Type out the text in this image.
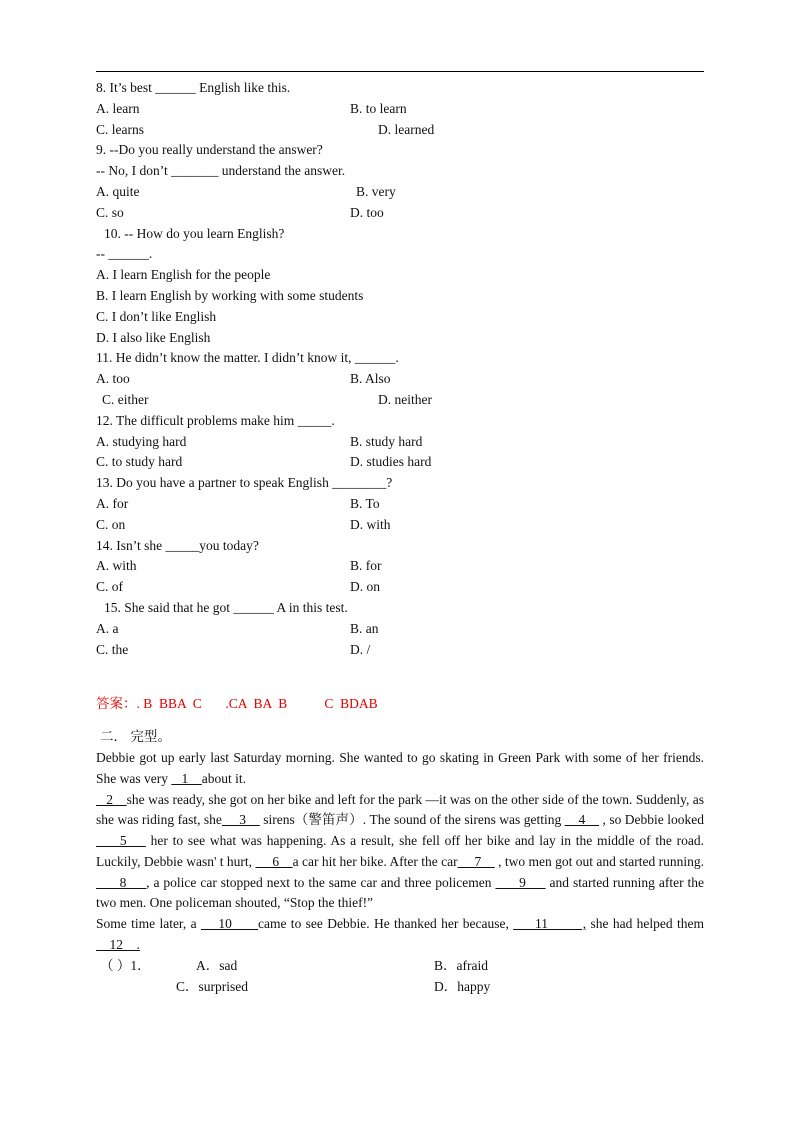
8. It’s best ______ English like this.
A. learn	B. to learn
C. learns	D. learned
9. --Do you really understand the answer?
-- No, I don’t _______ understand the answer.
A. quite	B. very
C. so	D. too
10. -- How do you learn English?
-- ______.
A. I learn English for the people
B. I learn English by working with some students
C. I don’t like English
D. I also like English
11. He didn’t know the matter. I didn’t know it, ______.
A. too	B. Also
C. either	D. neither
12. The difficult problems make him _____.
A. studying hard	B. study hard
C. to study hard	D. studies hard
13. Do you have a partner to speak English ________?
A. for	B. To
C. on	D. with
14. Isn’t she _____you today?
A. with	B. for
C. of	D. on
15. She said that he got ______ A in this test.
A. a	B. an
C. the	D. /
答案：. B  BBA  C       .CA  BA  B           C  BDAB
二． 完型。

Debbie got up early last Saturday morning. She wanted to go skating in Green Park with some of her friends. She was very    1    about it.

2    she was ready, she got on her bike and left for the park —it was on the other side of the town. Suddenly, as she was riding fast, she     3     sirens（警笛声）. The sound of the sirens was getting     4     , so Debbie looked     5     her to see what was happening. As a result, she fell off her bike and lay in the middle of the road. Luckily, Debbie wasn' t hurt,      6    a car hit her bike. After the car     7     , two men got out and started running.      8     , a police car stopped next to the same car and three policemen       9      and started running after the two men. One policeman shouted, “Stop the thief!”

Some time later, a     10      came to see Debbie. He thanked her because,      11        , she had helped them     12    .

（ ）1．	A．sad	B．afraid
C．surprised	D．happy
